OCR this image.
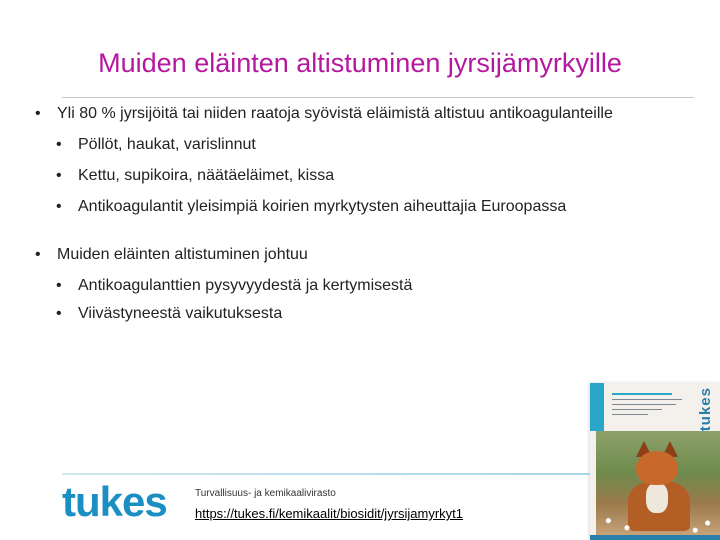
Muiden eläinten altistuminen jyrsijämyrkyille
• Yli 80 % jyrsijöitä tai niiden raatoja syövistä eläimistä altistuu antikoagulanteille
• Pöllöt, haukat, varislinnut
• Kettu, supikoira, näätäeläimet, kissa
• Antikoagulantit yleisimpiä koirien myrkytysten aiheuttajia Euroopassa
• Muiden eläinten altistuminen johtuu
• Antikoagulanttien pysyvyydestä ja kertymisestä
• Viivästyneestä vaikutuksesta
tukes
tukes	Turvallisuus- ja kemikaalivirasto
https://tukes.fi/kemikaalit/biosidit/jyrsijamyrkyt1
